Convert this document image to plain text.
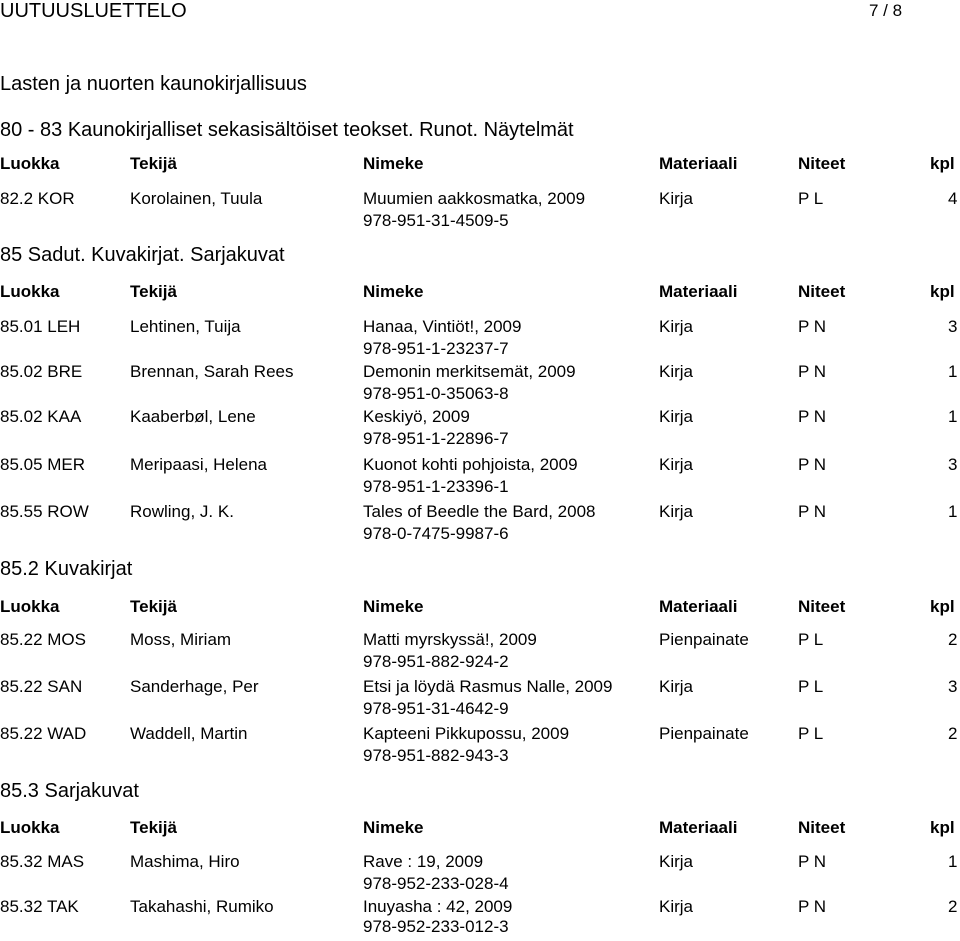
UUTUUSLUETTELO	7 / 8
Lasten ja nuorten kaunokirjallisuus
80 - 83 Kaunokirjalliset sekasisältöiset teokset. Runot. Näytelmät
Luokka	Tekijä	Nimeke	Materiaali	Niteet	kpl
82.2 KOR	Korolainen, Tuula	Muumien aakkosmatka, 2009
978-951-31-4509-5
Kirja	P L	4
85 Sadut. Kuvakirjat. Sarjakuvat
Luokka	Tekijä	Nimeke	Materiaali	Niteet	kpl
85.01 LEH	Lehtinen, Tuija	Hanaa, Vintiöt!, 2009
978-951-1-23237-7
Kirja	P N	3
85.02 BRE	Brennan, Sarah Rees	Demonin merkitsemät, 2009
978-951-0-35063-8
Kirja	P N	1
85.02 KAA	Kaaberbøl, Lene	Keskiyö, 2009
978-951-1-22896-7
Kirja	P N	1
85.05 MER	Meripaasi, Helena	Kuonot kohti pohjoista, 2009
978-951-1-23396-1
Kirja	P N	3
85.55 ROW Rowling, J. K.	Tales of Beedle the Bard, 2008
978-0-7475-9987-6
Kirja	P N	1
85.2 Kuvakirjat
Luokka	Tekijä	Nimeke	Materiaali	Niteet	kpl
85.22 MOS	Moss, Miriam	Matti myrskyssä!, 2009
978-951-882-924-2
Pienpainate	P L	2
85.22 SAN	Sanderhage, Per	Etsi ja löydä Rasmus Nalle, 2009
978-951-31-4642-9
Kirja	P L	3
85.22 WAD	Waddell, Martin	Kapteeni Pikkupossu, 2009
978-951-882-943-3
Pienpainate	P L	2
85.3 Sarjakuvat
Luokka	Tekijä	Nimeke	Materiaali	Niteet	kpl
85.32 MAS	Mashima, Hiro	Rave : 19, 2009
978-952-233-028-4
Kirja	P N	1
85.32 TAK	Takahashi, Rumiko	Inuyasha : 42, 2009
978-952-233-012-3
Kirja	P N	2
